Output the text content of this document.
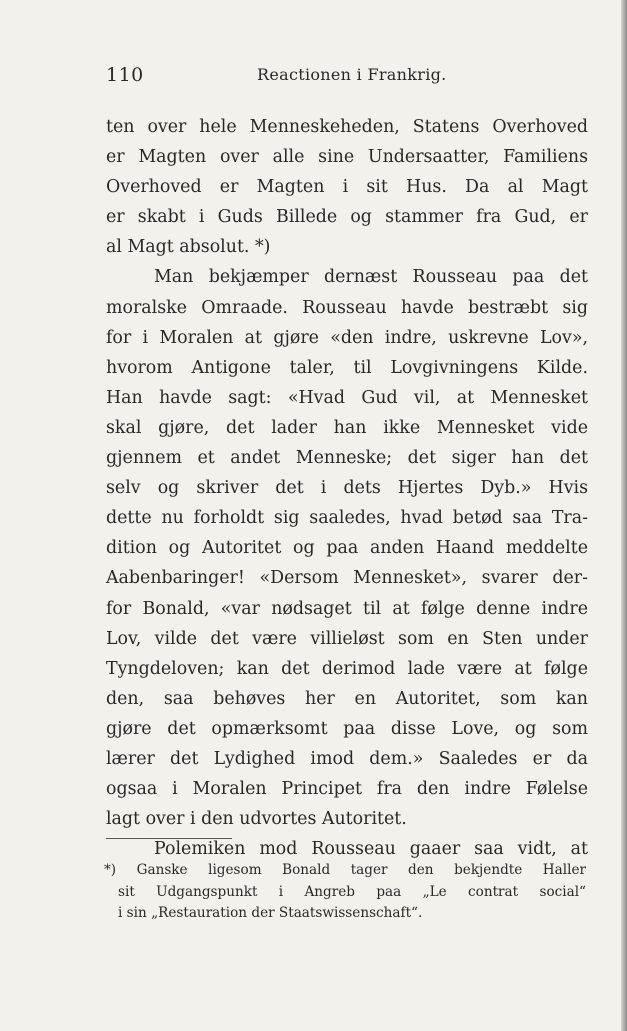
110	Reactionen i Frankrig.
ten over hele Menneskeheden, Statens Overhoved
er Magten over alle sine Undersaatter, Familiens
Overhoved er Magten i sit Hus. Da al Magt
er skabt i Guds Billede og stammer fra Gud, er
al Magt absolut. *)
Man bekjæmper dernæst Rousseau paa det
moralske Omraade. Rousseau havde bestræbt sig
for i Moralen at gjøre «den indre, uskrevne Lov»,
hvorom Antigone taler, til Lovgivningens Kilde.
Han havde sagt: «Hvad Gud vil, at Mennesket
skal gjøre, det lader han ikke Mennesket vide
gjennem et andet Menneske; det siger han det
selv og skriver det i dets Hjertes Dyb.» Hvis
dette nu forholdt sig saaledes, hvad betød saa Tra-
dition og Autoritet og paa anden Haand meddelte
Aabenbaringer! «Dersom Mennesket», svarer der-
for Bonald, «var nødsaget til at følge denne indre
Lov, vilde det være villieløst som en Sten under
Tyngdeloven; kan det derimod lade være at følge
den, saa behøves her en Autoritet, som kan
gjøre det opmærksomt paa disse Love, og som
lærer det Lydighed imod dem.» Saaledes er da
ogsaa i Moralen Principet fra den indre Følelse
lagt over i den udvortes Autoritet.
Polemiken mod Rousseau gaaer saa vidt, at
*) Ganske ligesom Bonald tager den bekjendte Haller
sit Udgangspunkt i Angreb paa „Le contrat social“
i sin „Restauration der Staatswissenschaft“.
